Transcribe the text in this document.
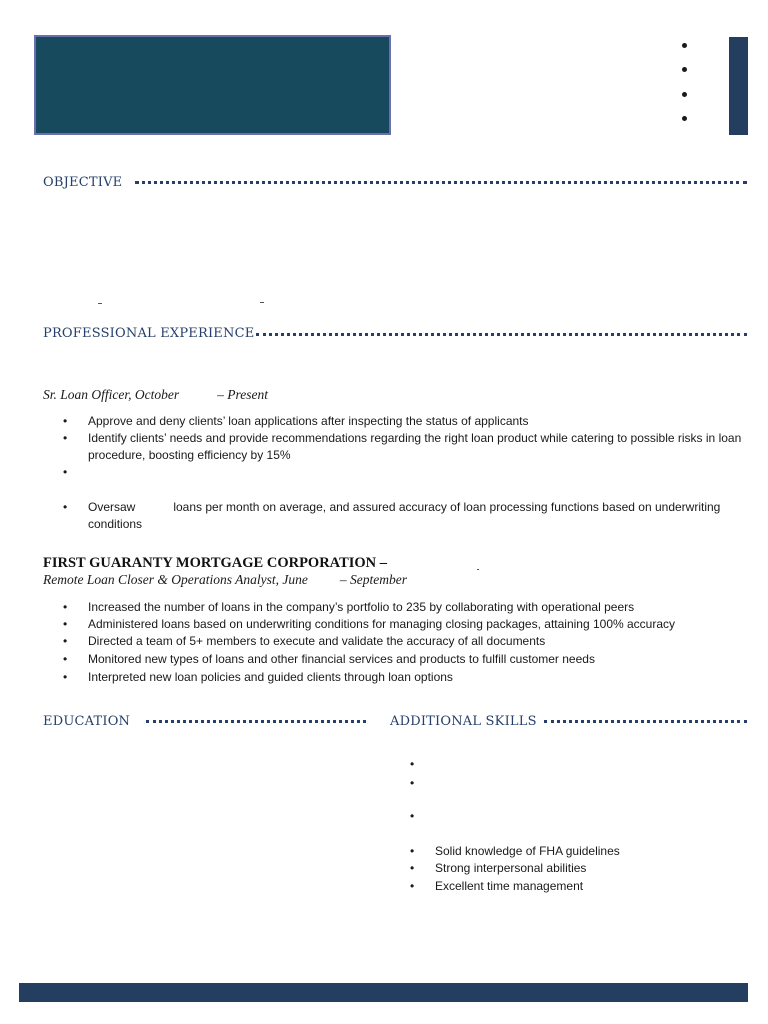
OBJECTIVE
PROFESSIONAL EXPERIENCE
Sr. Loan Officer, October	– Present
• Approve and deny clients’ loan applications after inspecting the status of applicants
• Identify clients’ needs and provide recommendations regarding the right loan product while catering to possible risks in loan procedure, boosting efficiency by 15%
•
• Oversaw	loans per month on average, and assured accuracy of loan processing functions based on underwriting conditions
FIRST GUARANTY MORTGAGE CORPORATION –
Remote Loan Closer & Operations Analyst, June – September
• Increased the number of loans in the company’s portfolio to 235 by collaborating with operational peers
• Administered loans based on underwriting conditions for managing closing packages, attaining 100% accuracy
• Directed a team of 5+ members to execute and validate the accuracy of all documents
• Monitored new types of loans and other financial services and products to fulfill customer needs
• Interpreted new loan policies and guided clients through loan options
EDUCATION	ADDITIONAL SKILLS
•
•
•
• Solid knowledge of FHA guidelines
• Strong interpersonal abilities
• Excellent time management
